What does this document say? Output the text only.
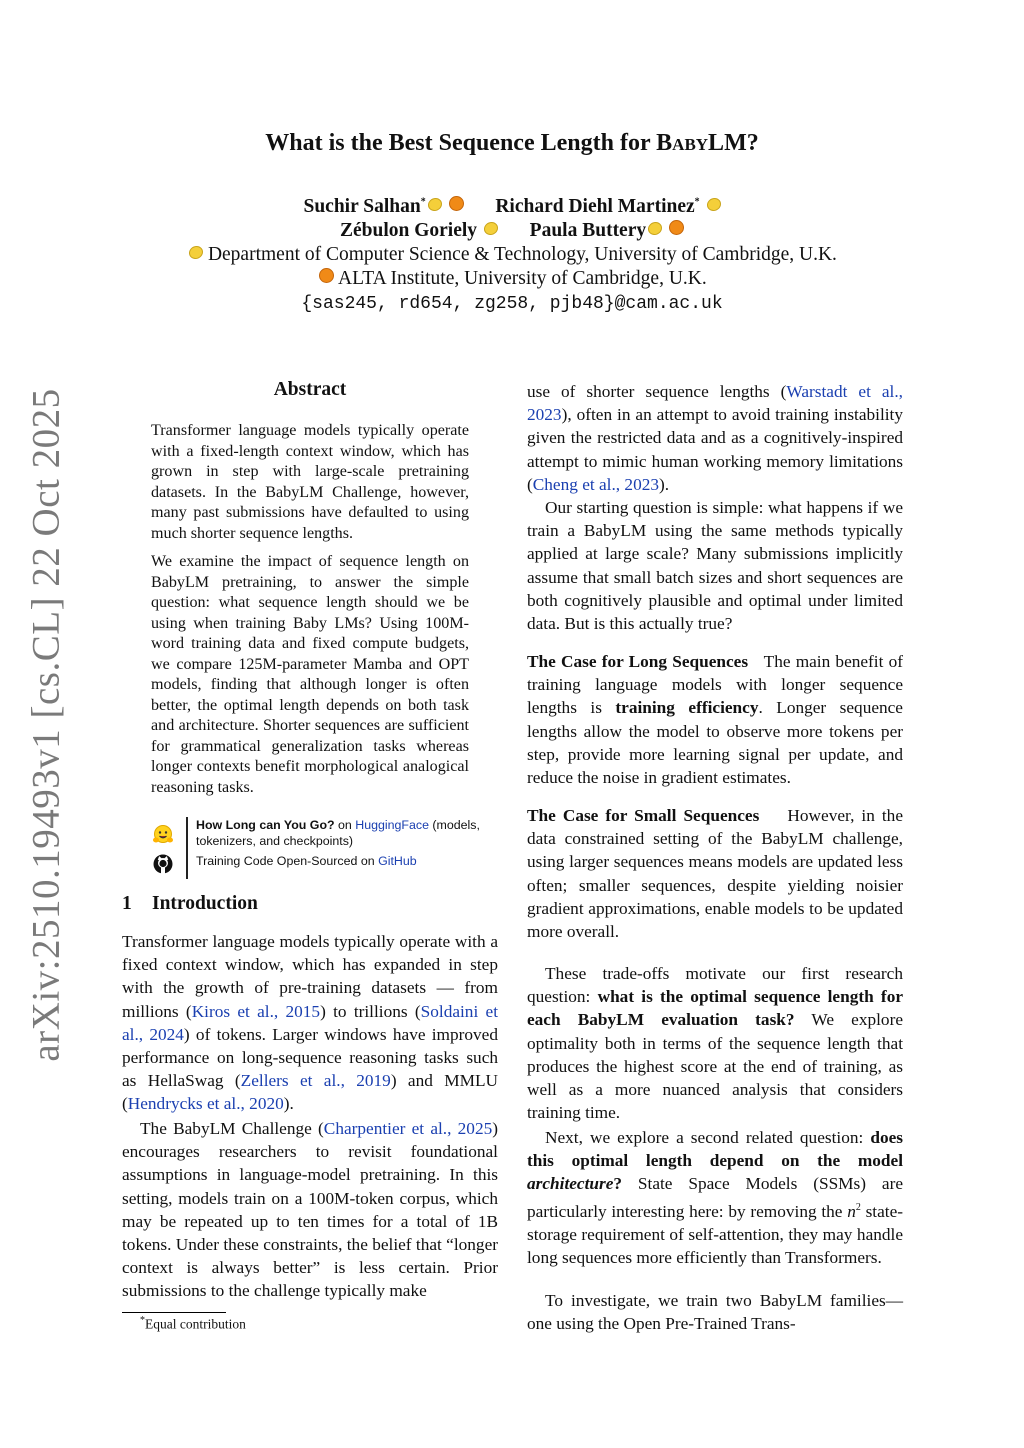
arXiv:2510.19493v1 [cs.CL] 22 Oct 2025
What is the Best Sequence Length for BabyLM?
Suchir Salhan*	Richard Diehl Martinez*
Zébulon Goriely	Paula Buttery
Department of Computer Science & Technology, University of Cambridge, U.K.
ALTA Institute, University of Cambridge, U.K.
{sas245, rd654, zg258, pjb48}@cam.ac.uk
Abstract
Transformer language models typically operate with a fixed-length context window, which has grown in step with large-scale pretraining datasets. In the BabyLM Challenge, however, many past submissions have defaulted to using much shorter sequence lengths.
We examine the impact of sequence length on BabyLM pretraining, to answer the simple question: what sequence length should we be using when training Baby LMs? Using 100M-word training data and fixed compute budgets, we compare 125M-parameter Mamba and OPT models, finding that although longer is often better, the optimal length depends on both task and architecture. Shorter sequences are sufficient for grammatical generalization tasks whereas longer contexts benefit morphological analogical reasoning tasks.
How Long can You Go? on HuggingFace (models, tokenizers, and checkpoints)
Training Code Open-Sourced on GitHub
1 Introduction
Transformer language models typically operate with a fixed context window, which has expanded in step with the growth of pre-training datasets — from millions (Kiros et al., 2015) to trillions (Soldaini et al., 2024) of tokens. Larger windows have improved performance on long-sequence reasoning tasks such as HellaSwag (Zellers et al., 2019) and MMLU (Hendrycks et al., 2020).
The BabyLM Challenge (Charpentier et al., 2025) encourages researchers to revisit foundational assumptions in language-model pretraining. In this setting, models train on a 100M-token corpus, which may be repeated up to ten times for a total of 1B tokens. Under these constraints, the belief that “longer context is always better” is less certain. Prior submissions to the challenge typically make
*Equal contribution
use of shorter sequence lengths (Warstadt et al., 2023), often in an attempt to avoid training instability given the restricted data and as a cognitively-inspired attempt to mimic human working memory limitations (Cheng et al., 2023).
Our starting question is simple: what happens if we train a BabyLM using the same methods typically applied at large scale? Many submissions implicitly assume that small batch sizes and short sequences are both cognitively plausible and optimal under limited data. But is this actually true?
The Case for Long Sequences The main benefit of training language models with longer sequence lengths is training efficiency. Longer sequence lengths allow the model to observe more tokens per step, provide more learning signal per update, and reduce the noise in gradient estimates.
The Case for Small Sequences However, in the data constrained setting of the BabyLM challenge, using larger sequences means models are updated less often; smaller sequences, despite yielding noisier gradient approximations, enable models to be updated more overall.
These trade-offs motivate our first research question: what is the optimal sequence length for each BabyLM evaluation task? We explore optimality both in terms of the sequence length that produces the highest score at the end of training, as well as a more nuanced analysis that considers training time.
Next, we explore a second related question: does this optimal length depend on the model architecture? State Space Models (SSMs) are particularly interesting here: by removing the $n^2$ state-storage requirement of self-attention, they may handle long sequences more efficiently than Transformers.
To investigate, we train two BabyLM families—one using the Open Pre-Trained Trans-
